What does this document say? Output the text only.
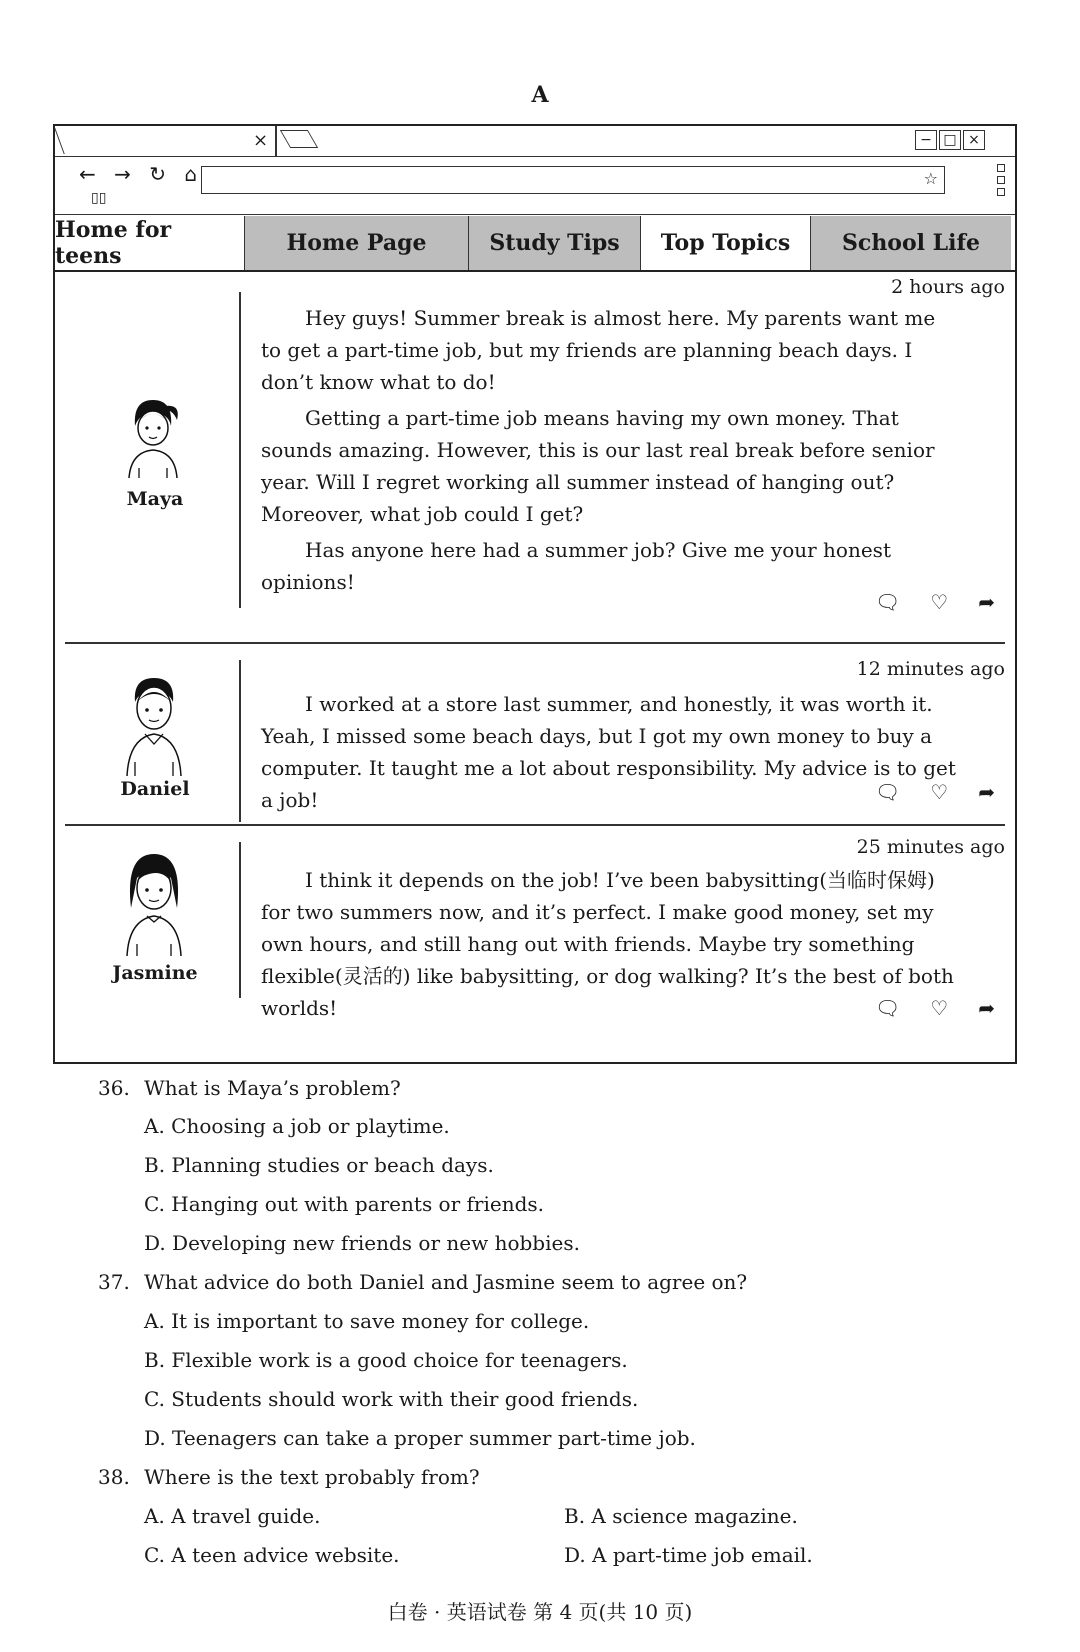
A
×	− □ ×
← → ↻ ⌂
▯▯
☆
Home for teens	Home Page	Study Tips	Top Topics	School Life
2 hours ago
Maya

Hey guys! Summer break is almost here. My parents want me to get a part-time job, but my friends are planning beach days. I don’t know what to do!

Getting a part-time job means having my own money. That sounds amazing. However, this is our last real break before senior year. Will I regret working all summer instead of hanging out? Moreover, what job could I get?

Has anyone here had a summer job? Give me your honest opinions!

🗨 ♡ ➦
12 minutes ago
Daniel

I worked at a store last summer, and honestly, it was worth it. Yeah, I missed some beach days, but I got my own money to buy a computer. It taught me a lot about responsibility. My advice is to get a job!	🗨 ♡ ➦
25 minutes ago
Jasmine

I think it depends on the job! I’ve been babysitting(当临时保姆) for two summers now, and it’s perfect. I make good money, set my own hours, and still hang out with friends. Maybe try something flexible(灵活的) like babysitting, or dog walking? It’s the best of both worlds!	🗨 ♡ ➦
36. What is Maya’s problem?
A. Choosing a job or playtime.
B. Planning studies or beach days.
C. Hanging out with parents or friends.
D. Developing new friends or new hobbies.
37. What advice do both Daniel and Jasmine seem to agree on?
A. It is important to save money for college.
B. Flexible work is a good choice for teenagers.
C. Students should work with their good friends.
D. Teenagers can take a proper summer part-time job.
38. Where is the text probably from?
A. A travel guide.	B. A science magazine.
C. A teen advice website.	D. A part-time job email.
白卷 · 英语试卷 第 4 页(共 10 页)
